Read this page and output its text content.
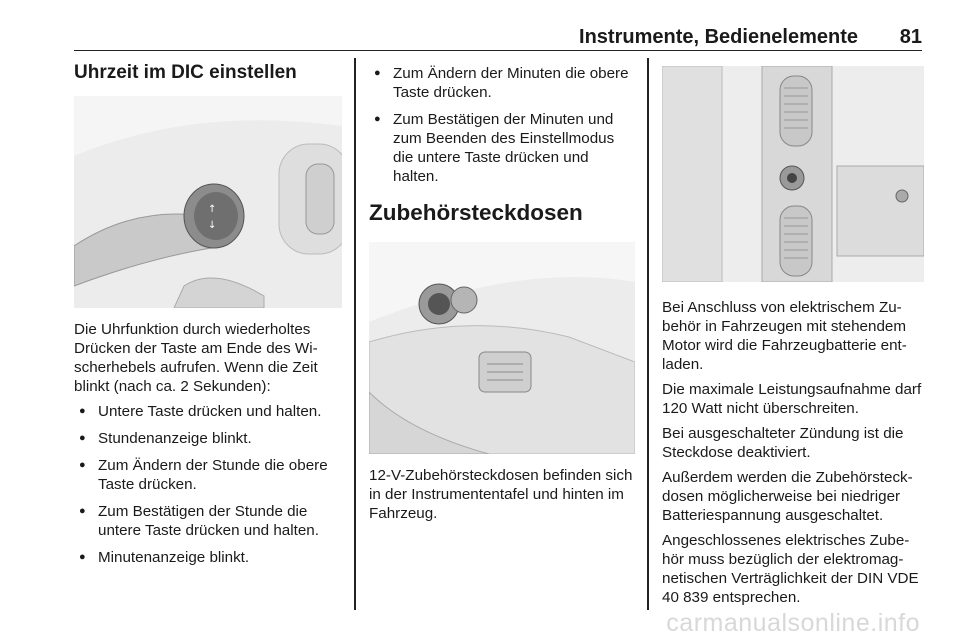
Instrumente, Bedienelemente 81
Uhrzeit im DIC einstellen
↑
↓

Die Uhrfunktion durch wiederholtes Drücken der Taste am Ende des Wischerhebels aufrufen. Wenn die Zeit blinkt (nach ca. 2 Sekunden):

● Untere Taste drücken und halten.
● Stundenanzeige blinkt.
● Zum Ändern der Stunde die obere Taste drücken.
● Zum Bestätigen der Stunde die untere Taste drücken und halten.
● Minutenanzeige blinkt.
● Zum Ändern der Minuten die obere Taste drücken.
● Zum Bestätigen der Minuten und zum Beenden des Einstellmodus die untere Taste drücken und halten.
Zubehörsteckdosen

12-V-Zubehörsteckdosen befinden sich in der Instrumententafel und hinten im Fahrzeug.

Bei Anschluss von elektrischem Zubehör in Fahrzeugen mit stehendem Motor wird die Fahrzeugbatterie entladen.

Die maximale Leistungsaufnahme darf 120 Watt nicht überschreiten.

Bei ausgeschalteter Zündung ist die Steckdose deaktiviert.

Außerdem werden die Zubehörsteckdosen möglicherweise bei niedriger Batteriespannung ausgeschaltet.

Angeschlossenes elektrisches Zubehör muss bezüglich der elektromagnetischen Verträglichkeit der DIN VDE 40 839 entsprechen.

carmanualsonline.info
